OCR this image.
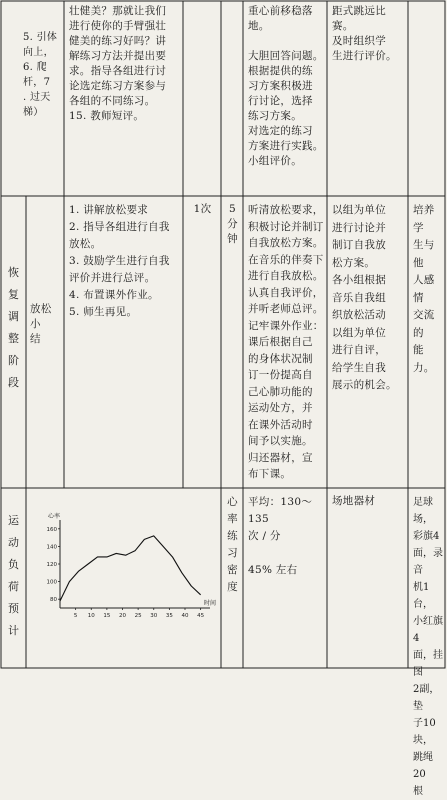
5. 引体
向上，
6. 爬
杆，7
. 过天
梯）
壮健美？那就让我们
进行使你的手臂强壮
健美的练习好吗？讲
解练习方法并提出要
求。指导各组进行讨
论选定练习方案参与
各组的不同练习。
15. 教师短评。
重心前移稳落
地。

大胆回答问题。
根据提供的练
习方案积极进
行讨论，选择
练习方案。
对选定的练习
方案进行实践。
小组评价。
距式跳远比
赛。
及时组织学
生进行评价。
恢
复
调
整
阶
段
放松小
结
1. 讲解放松要求
2. 指导各组进行自我
放松。
3. 鼓励学生进行自我
评价并进行总评。
4. 布置课外作业。
5. 师生再见。
1次	5
分
钟
听清放松要求，
积极讨论并制订
自我放松方案。
在音乐的伴奏下
进行自我放松。
认真自我评价，
并听老师总评。
记牢课外作业：
课后根据自己
的身体状况制
订一份提高自
己心肺功能的
运动处方，并
在课外活动时
间予以实施。
归还器材，宣
布下课。
以组为单位
进行讨论并
制订自我放
松方案。
各小组根据
音乐自我组
织放松活动
以组为单位
进行自评，
给学生自我
展示的机会。
培养学
生与他
人感情
交流的
能力。
运
动
负
荷
预
计
5 10 15 20 25 30 35 40 45
80
100
120
140
160
心率
时间
心
率
练
习
密
度
平均：130～135
次 / 分

45% 左右
场地器材	足球场，
彩旗4
面，录音
机1台，
小红旗4
面，挂图
2副，垫
子10块，
跳绳20
根
